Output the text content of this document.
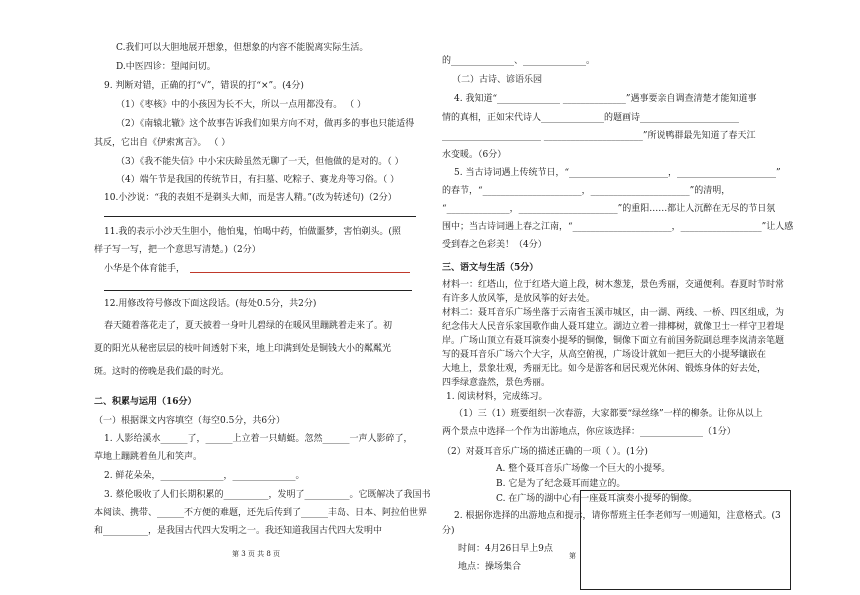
C.我们可以大胆地展开想象，但想象的内容不能脱离实际生活。
D.中医四诊：望闻问切。
9. 判断对错，正确的打“√”，错误的打“×”。(4分)
（1）《枣核》中的小孩因为长不大，所以一点用都没有。 （ ）
（2）《南辕北辙》这个故事告诉我们如果方向不对，做再多的事也只能适得
其反，它出自《伊索寓言》。 （ ）
（3）《我不能失信》中小宋庆龄虽然无聊了一天，但他做的是对的。（ ）
（4）端午节是我国的传统节日，有扫墓、吃粽子、赛龙舟等习俗。（ ）
10.小沙说：“我的表姐不是剃头大师，而是害人精。”(改为转述句)（2分）
11.我的表示小沙天生胆小，他怕鬼，怕喝中药，怕做噩梦，害怕剃头。(照
样子写一写，把一个意思写清楚。)（2分）
小华是个体育能手，
12.用修改符号修改下面这段话。(每处0.5分，共2分)
春天随着落花走了，夏天披着一身叶儿碧绿的在暖风里蹦跳着走来了。初
夏的阳光从秘密层层的枝叶间透射下来，地上印满到处是铜钱大小的粼粼光
斑。这时的傍晚是我们最的时光。
二、积累与运用（16分）
（一）根据课文内容填空（每空0.5分，共6分）
1. 人影给溪水______了，______上立着一只蜻蜓。忽然______一声人影碎了，
草地上蹦跳着鱼儿和笑声。
2. 鲜花朵朵，______________，______________。
3. 蔡伦吸收了人们长期积累的__________，发明了__________。它既解决了我国书
本阅读、携带、______不方便的难题，还先后传到了______丰岛、日本、阿拉伯世界
和__________，是我国古代四大发明之一。我还知道我国古代四大发明中
第 3 页 共 8 页
的______________、______________。
（二）古诗、谚语乐园
4. 我知道“______________ ______________”遇事要亲自调查清楚才能知道事
情的真相，正如宋代诗人______________的题画诗______________________
______________________ ______________________”所说鸭群最先知道了春天江
水变暖。（6分）
5. 当古诗词遇上传统节日，“______________________，______________________”
的春节，“______________________，______________________”的清明，
“______________，______________________”的重阳……都让人沉醉在无尽的节日氛
围中；当古诗词遇上春之江南，“______________________，__________________”让人感
受到春之色彩美！（4分）
三、语文与生活（5分）
材料一：红塔山，位于红塔大道上段，树木葱茏，景色秀丽，交通便利。春夏时节时常
有许多人放风筝，是放风筝的好去处。
材料二：聂耳音乐广场坐落于云南省玉溪市城区，由一湖、两线、一桥、四区组成，为
纪念伟大人民音乐家国歌作曲人聂耳建立。湖边立着一排椰树，就像卫士一样守卫着堤
岸。广场山顶立有聂耳演奏小提琴的铜像，铜像下面立有前国务院副总理李岚清亲笔题
写的聂耳音乐广场六个大字，从高空俯视，广场设计就如一把巨大的小提琴镶嵌在
大地上，景象壮观，秀丽无比。如今是游客和居民观光休闲、锻炼身体的好去处，
四季绿意盎然，景色秀丽。
1. 阅读材料，完成练习。
（1）三（1）班要组织一次春游，大家都要“绿丝绦”一样的柳条。让你从以上
两个景点中选择一个作为出游地点，你应该选择：______________（1分）
（2）对聂耳音乐广场的描述正确的一项（ ）。(1分)
A. 整个聂耳音乐广场像一个巨大的小提琴。
B. 它是为了纪念聂耳而建立的。
C. 在广场的湖中心有一座聂耳演奏小提琴的铜像。
2. 根据你选择的出游地点和提示，请你帮班主任李老师写一则通知，注意格式。(3
分)
时间：4月26日早上9点
地点：操场集合
第
